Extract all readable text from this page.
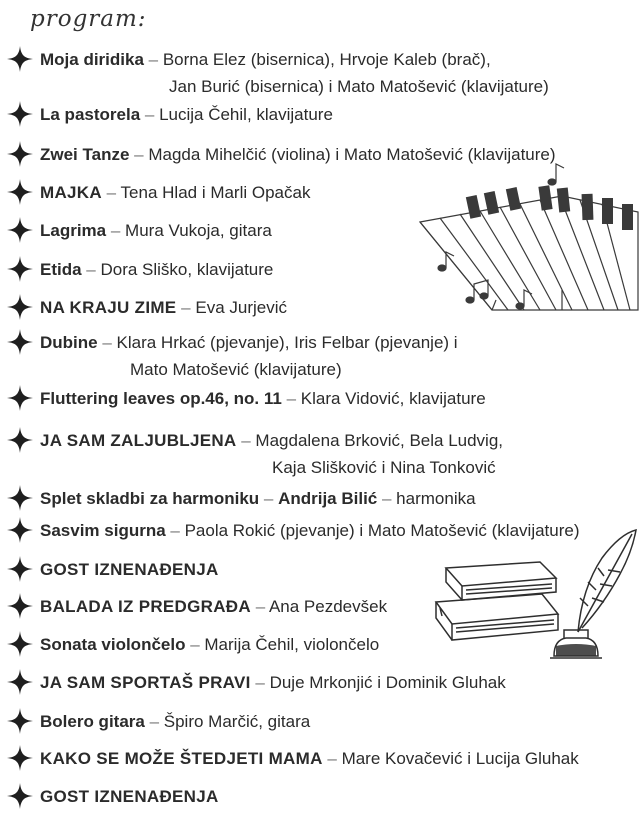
program:
Moja diridika – Borna Elez (bisernica), Hrvoje Kaleb (brač),
Jan Burić (bisernica) i Mato Matošević (klavijature)
La pastorela – Lucija Čehil, klavijature
Zwei Tanze – Magda Mihelčić (violina) i Mato Matošević (klavijature)
MAJKA – Tena Hlad i Marli Opačak
Lagrima – Mura Vukoja, gitara
Etida – Dora Sliško, klavijature
NA KRAJU ZIME – Eva Jurjević
Dubine – Klara Hrkać (pjevanje), Iris Felbar (pjevanje) i
Mato Matošević (klavijature)
Fluttering leaves op.46, no. 11 – Klara Vidović, klavijature
JA SAM ZALJUBLJENA – Magdalena Brković, Bela Ludvig,
Kaja Slišković i Nina Tonković
Splet skladbi za harmoniku – Andrija Bilić – harmonika
Sasvim sigurna – Paola Rokić (pjevanje) i Mato Matošević (klavijature)
GOST IZNENAĐENJA
BALADA IZ PREDGRAĐA – Ana Pezdevšek
Sonata violončelo – Marija Čehil, violončelo
JA SAM SPORTAŠ PRAVI – Duje Mrkonjić i Dominik Gluhak
Bolero gitara – Špiro Marčić, gitara
KAKO SE MOŽE ŠTEDJETI MAMA – Mare Kovačević i Lucija Gluhak
GOST IZNENAĐENJA
